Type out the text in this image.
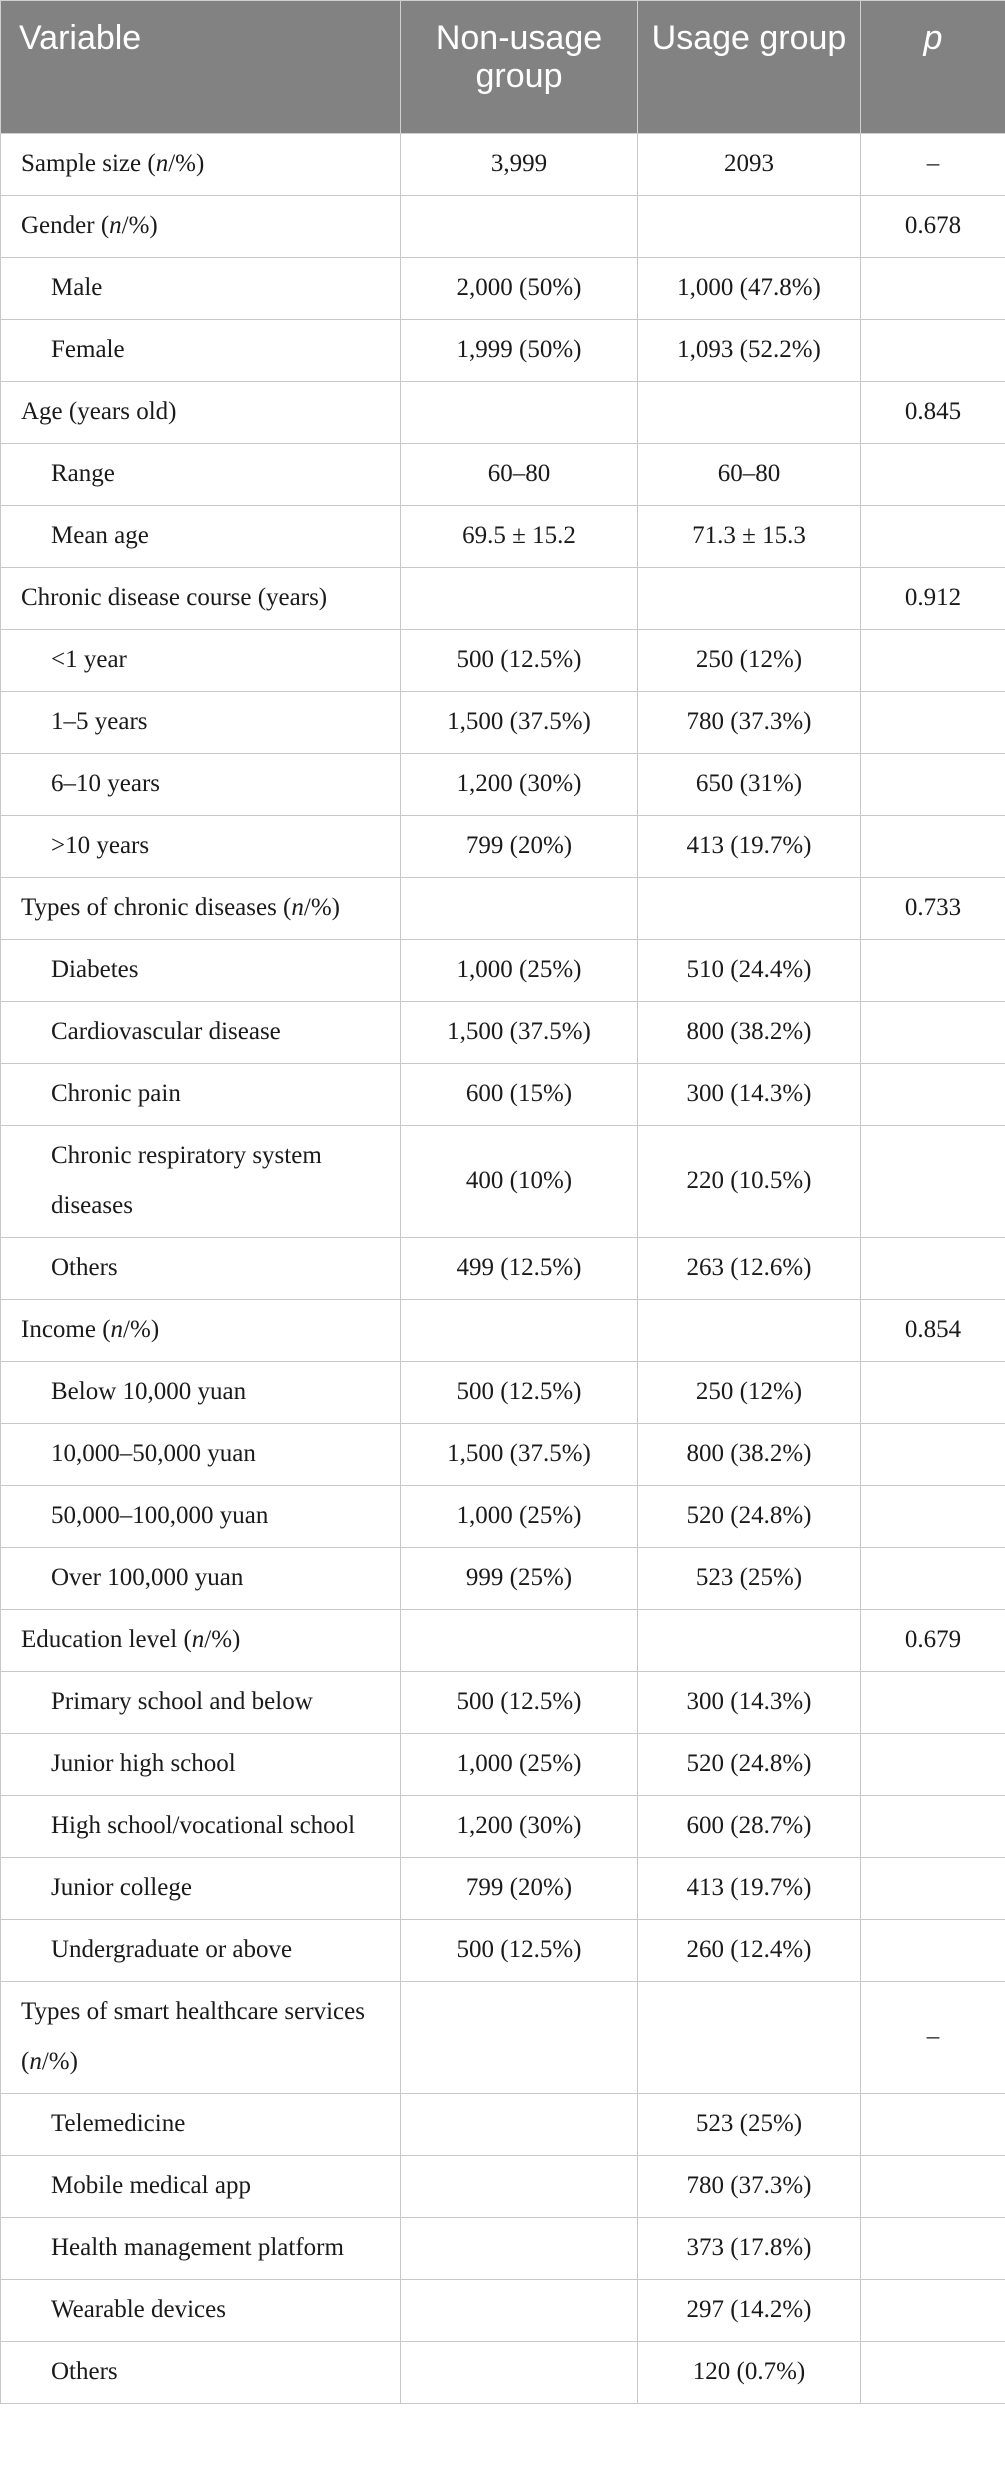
Variable	Non-usage group	Usage group	p
Sample size (n/%)	3,999	2093	–
Gender (n/%)			0.678
Male	2,000 (50%)	1,000 (47.8%)	
Female	1,999 (50%)	1,093 (52.2%)	
Age (years old)			0.845
Range	60–80	60–80	
Mean age	69.5 ± 15.2	71.3 ± 15.3	
Chronic disease course (years)			0.912
<1 year	500 (12.5%)	250 (12%)	
1–5 years	1,500 (37.5%)	780 (37.3%)	
6–10 years	1,200 (30%)	650 (31%)	
>10 years	799 (20%)	413 (19.7%)	
Types of chronic diseases (n/%)			0.733
Diabetes	1,000 (25%)	510 (24.4%)	
Cardiovascular disease	1,500 (37.5%)	800 (38.2%)	
Chronic pain	600 (15%)	300 (14.3%)	
Chronic respiratory system diseases	400 (10%)	220 (10.5%)	
Others	499 (12.5%)	263 (12.6%)	
Income (n/%)			0.854
Below 10,000 yuan	500 (12.5%)	250 (12%)	
10,000–50,000 yuan	1,500 (37.5%)	800 (38.2%)	
50,000–100,000 yuan	1,000 (25%)	520 (24.8%)	
Over 100,000 yuan	999 (25%)	523 (25%)	
Education level (n/%)			0.679
Primary school and below	500 (12.5%)	300 (14.3%)	
Junior high school	1,000 (25%)	520 (24.8%)	
High school/vocational school	1,200 (30%)	600 (28.7%)	
Junior college	799 (20%)	413 (19.7%)	
Undergraduate or above	500 (12.5%)	260 (12.4%)	
Types of smart healthcare services (n/%)			–
Telemedicine		523 (25%)	
Mobile medical app		780 (37.3%)	
Health management platform		373 (17.8%)	
Wearable devices		297 (14.2%)	
Others		120 (0.7%)	
